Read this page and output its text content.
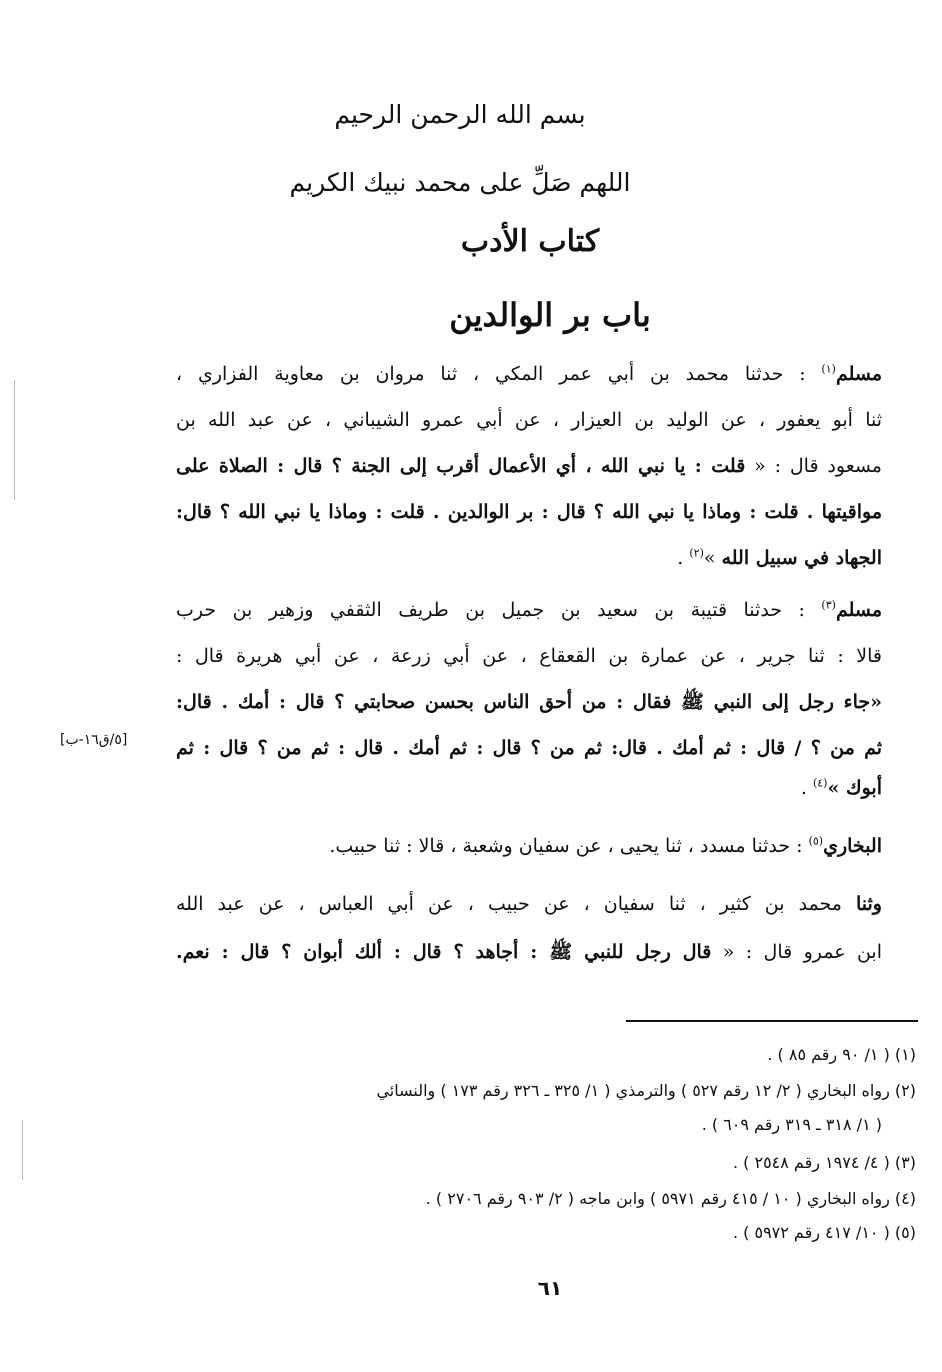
بسم الله الرحمن الرحيم
اللهم صَلِّ على محمد نبيك الكريم
كتاب الأدب
باب بر الوالدين
مسلم$^{(١)}$ : حدثنا محمد بن أبي عمر المكي ، ثنا مروان بن معاوية الفزاري ،
ثنا أبو يعفور ، عن الوليد بن العيزار ، عن أبي عمرو الشيباني ، عن عبد الله بن
مسعود قال : « قلت : يا نبي الله ، أي الأعمال أقرب إلى الجنة ؟ قال : الصلاة على
مواقيتها . قلت : وماذا يا نبي الله ؟ قال : بر الوالدين . قلت : وماذا يا نبي الله ؟ قال:
الجهاد في سبيل الله »$^{(٢)}$ .
مسلم$^{(٣)}$ : حدثنا قتيبة بن سعيد بن جميل بن طريف الثقفي وزهير بن حرب
قالا : ثنا جرير ، عن عمارة بن القعقاع ، عن أبي زرعة ، عن أبي هريرة قال :
«جاء رجل إلى النبي ﷺ فقال : من أحق الناس بحسن صحابتي ؟ قال : أمك . قال:
ثم من ؟ / قال : ثم أمك . قال: ثم من ؟ قال : ثم أمك . قال : ثم من ؟ قال : ثم
أبوك »$^{(٤)}$ .
[٥/ق١٦-ب]
البخاري$^{(٥)}$ : حدثنا مسدد ، ثنا يحيى ، عن سفيان وشعبة ، قالا : ثنا حبيب.
وثنا محمد بن كثير ، ثنا سفيان ، عن حبيب ، عن أبي العباس ، عن عبد الله
ابن عمرو قال : « قال رجل للنبي ﷺ : أجاهد ؟ قال : ألك أبوان ؟ قال : نعم.
(١) ( ١/ ٩٠ رقم ٨٥ ) .
(٢) رواه البخاري ( ٢/ ١٢ رقم ٥٢٧ ) والترمذي ( ١/ ٣٢٥ ـ ٣٢٦ رقم ١٧٣ ) والنسائي
( ١/ ٣١٨ ـ ٣١٩ رقم ٦٠٩ ) .
(٣) ( ٤/ ١٩٧٤ رقم ٢٥٤٨ ) .
(٤) رواه البخاري ( ١٠ / ٤١٥ رقم ٥٩٧١ ) وابن ماجه ( ٢/ ٩٠٣ رقم ٢٧٠٦ ) .
(٥) ( ١٠/ ٤١٧ رقم ٥٩٧٢ ) .
٦١
